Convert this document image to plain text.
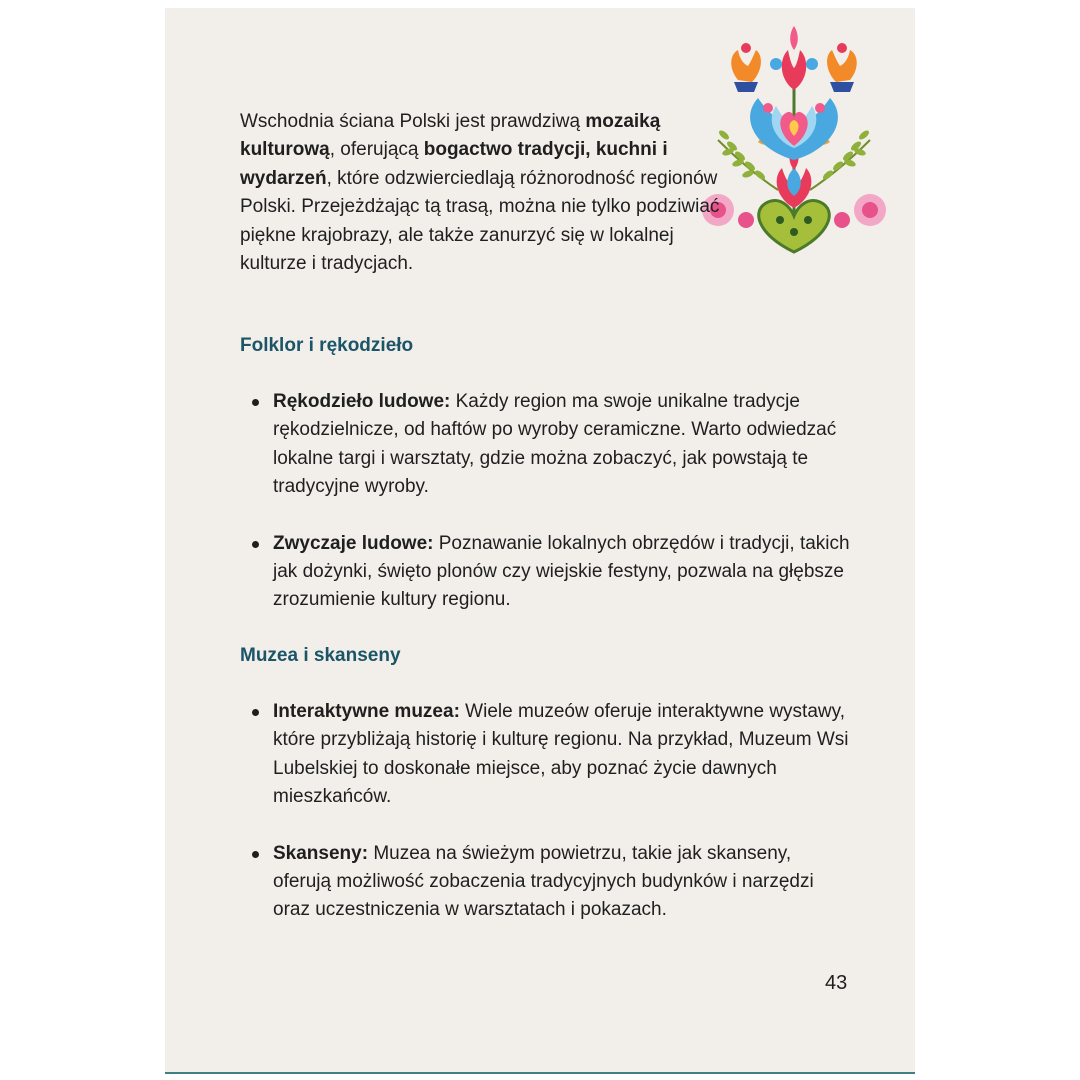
Wschodnia ściana Polski jest prawdziwą mozaiką kulturową, oferującą bogactwo tradycji, kuchni i wydarzeń, które odzwierciedlają różnorodność regionów Polski. Przejeżdżając tą trasą, można nie tylko podziwiać piękne krajobrazy, ale także zanurzyć się w lokalnej kulturze i tradycjach.

Folklor i rękodzieło
Rękodzieło ludowe: Każdy region ma swoje unikalne tradycje rękodzielnicze, od haftów po wyroby ceramiczne. Warto odwiedzać lokalne targi i warsztaty, gdzie można zobaczyć, jak powstają te tradycyjne wyroby.
Zwyczaje ludowe: Poznawanie lokalnych obrzędów i tradycji, takich jak dożynki, święto plonów czy wiejskie festyny, pozwala na głębsze zrozumienie kultury regionu.
Muzea i skanseny
Interaktywne muzea: Wiele muzeów oferuje interaktywne wystawy, które przybliżają historię i kulturę regionu. Na przykład, Muzeum Wsi Lubelskiej to doskonałe miejsce, aby poznać życie dawnych mieszkańców.
Skanseny: Muzea na świeżym powietrzu, takie jak skanseny, oferują możliwość zobaczenia tradycyjnych budynków i narzędzi oraz uczestniczenia w warsztatach i pokazach.
43
